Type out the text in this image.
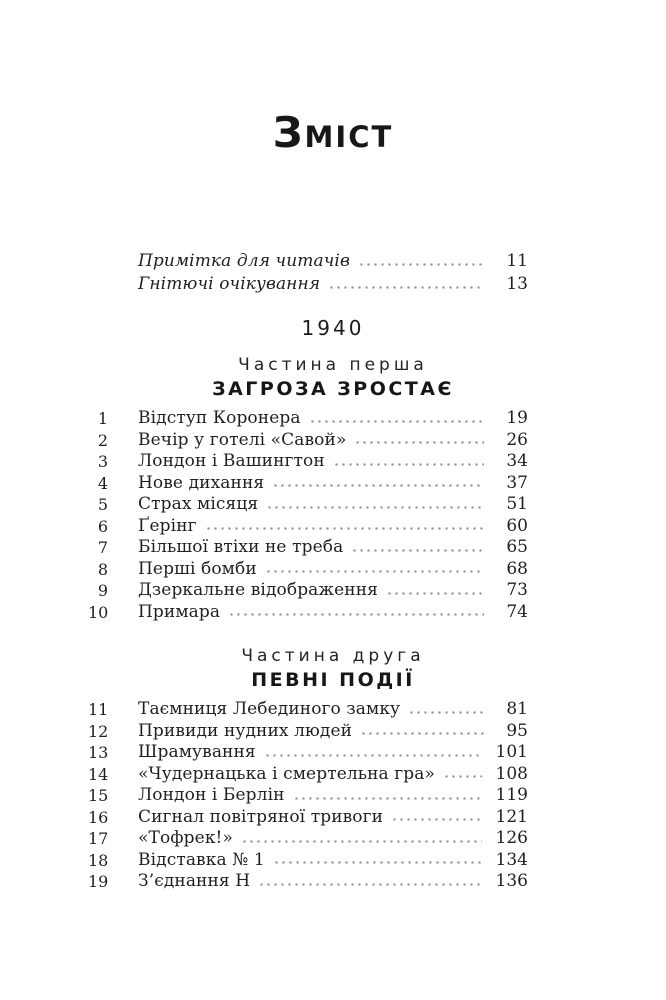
Зміст
Примітка для читачів	11
Гнітючі очікування	13
1940
Частина перша
ЗАГРОЗА ЗРОСТАЄ
1 Відступ Коронера	19
2 Вечір у готелі «Савой»	26
3 Лондон і Вашингтон	34
4 Нове дихання	37
5 Страх місяця	51
6 Ґерінг	60
7 Більшої втіхи не треба	65
8 Перші бомби	68
9 Дзеркальне відображення	73
10 Примара	74
Частина друга
ПЕВНІ ПОДІЇ
11 Таємниця Лебединого замку	81
12 Привиди нудних людей	95
13 Шрамування	101
14 «Чудернацька і смертельна гра»	108
15 Лондон і Берлін	119
16 Сигнал повітряної тривоги	121
17 «Тофрек!»	126
18 Відставка № 1	134
19 З’єднання Н	136
